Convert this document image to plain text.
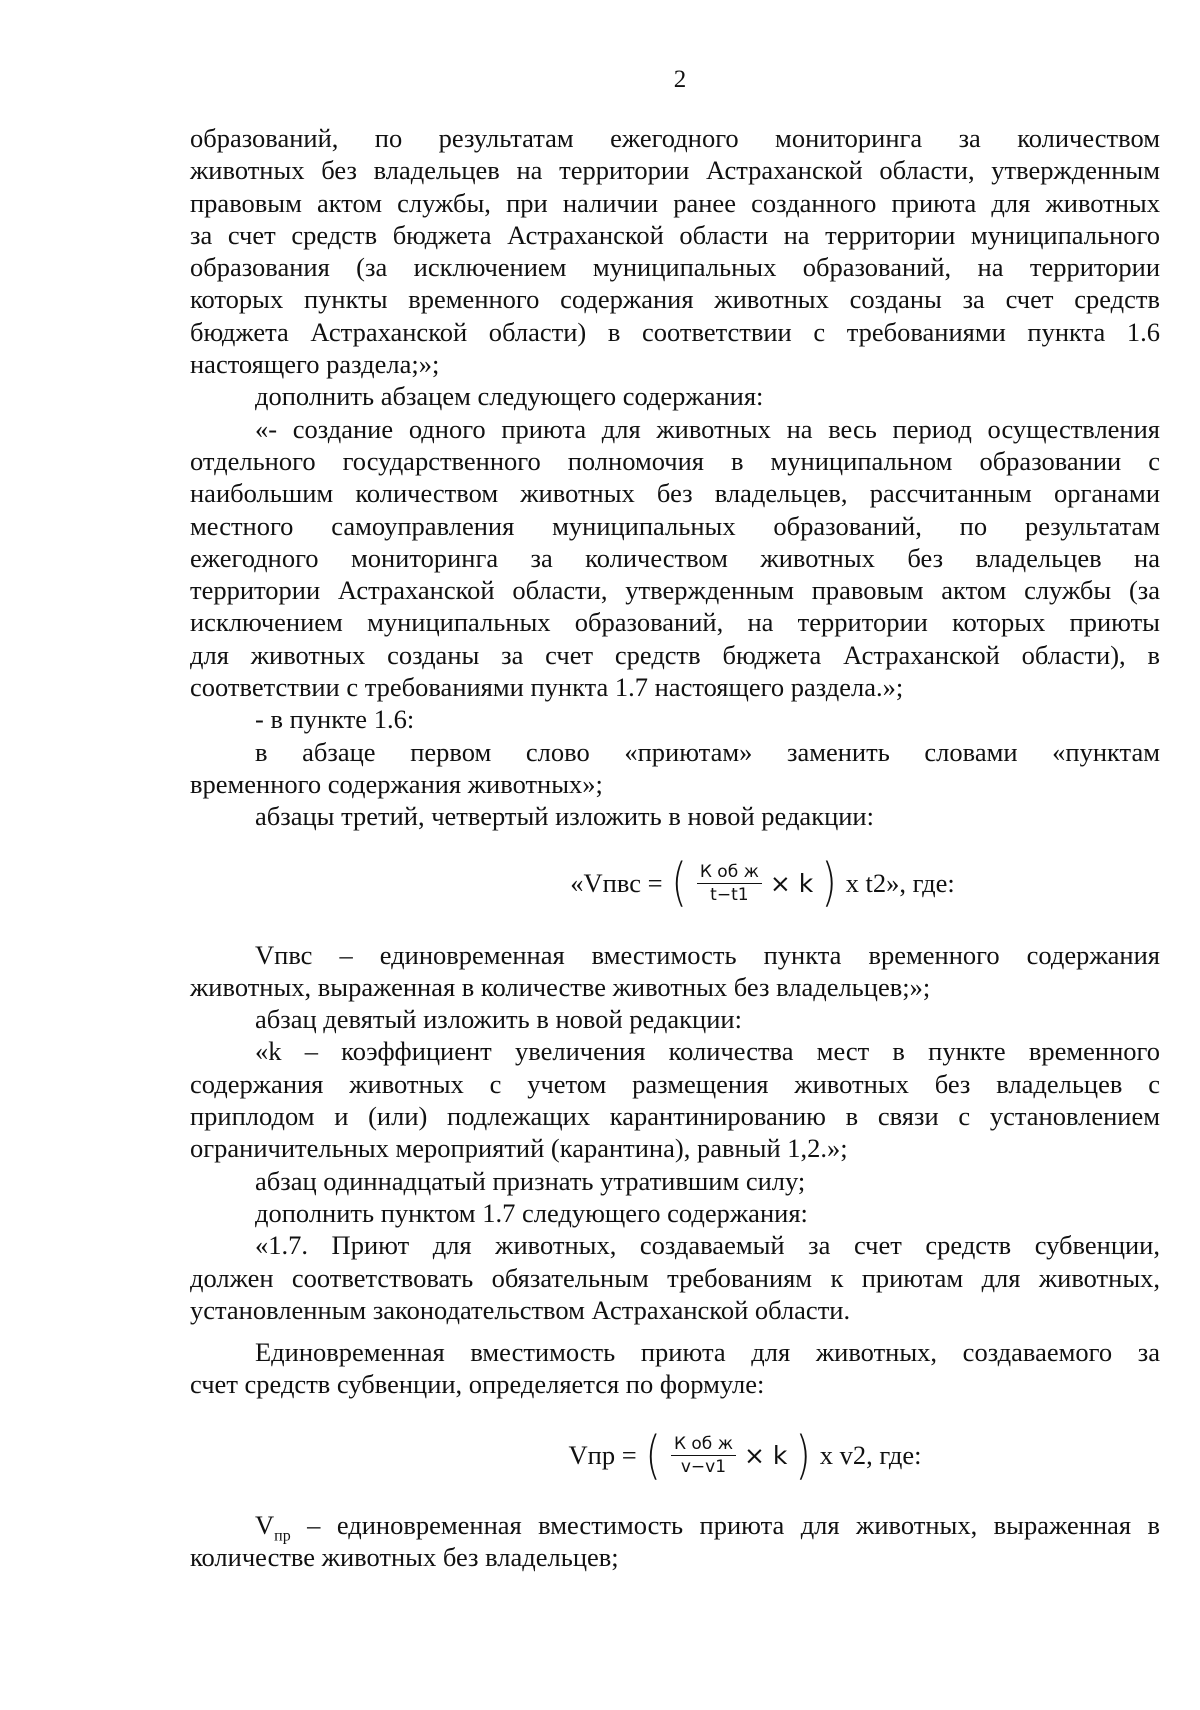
2
образований, по результатам ежегодного мониторинга за количеством
животных без владельцев на территории Астраханской области, утвержденным
правовым актом службы, при наличии ранее созданного приюта для животных
за счет средств бюджета Астраханской области на территории муниципального
образования (за исключением муниципальных образований, на территории
которых пункты временного содержания животных созданы за счет средств
бюджета Астраханской области) в соответствии с требованиями пункта 1.6
настоящего раздела;»;
дополнить абзацем следующего содержания:
«- создание одного приюта для животных на весь период осуществления
отдельного государственного полномочия в муниципальном образовании с
наибольшим количеством животных без владельцев, рассчитанным органами
местного самоуправления муниципальных образований, по результатам
ежегодного мониторинга за количеством животных без владельцев на
территории Астраханской области, утвержденным правовым актом службы (за
исключением муниципальных образований, на территории которых приюты
для животных созданы за счет средств бюджета Астраханской области), в
соответствии с требованиями пункта 1.7 настоящего раздела.»;
- в пункте 1.6:
в абзаце первом слово «приютам» заменить словами «пунктам
временного содержания животных»;
абзацы третий, четвертый изложить в новой редакции:
«Vпвс = ( $\frac{\text{К об ж}}{t-t1} \times k$ ) x t2», где:
Vпвс – единовременная вместимость пункта временного содержания
животных, выраженная в количестве животных без владельцев;»;
абзац девятый изложить в новой редакции:
«k – коэффициент увеличения количества мест в пункте временного
содержания животных с учетом размещения животных без владельцев с
приплодом и (или) подлежащих карантинированию в связи с установлением
ограничительных мероприятий (карантина), равный 1,2.»;
абзац одиннадцатый признать утратившим силу;
дополнить пунктом 1.7 следующего содержания:
«1.7. Приют для животных, создаваемый за счет средств субвенции,
должен соответствовать обязательным требованиям к приютам для животных,
установленным законодательством Астраханской области.
Единовременная вместимость приюта для животных, создаваемого за
счет средств субвенции, определяется по формуле:
Vпр = ( $\frac{\text{К об ж}}{v-v1} \times k$ ) x v2, где:
$V_{пр}$ – единовременная вместимость приюта для животных, выраженная в
количестве животных без владельцев;
